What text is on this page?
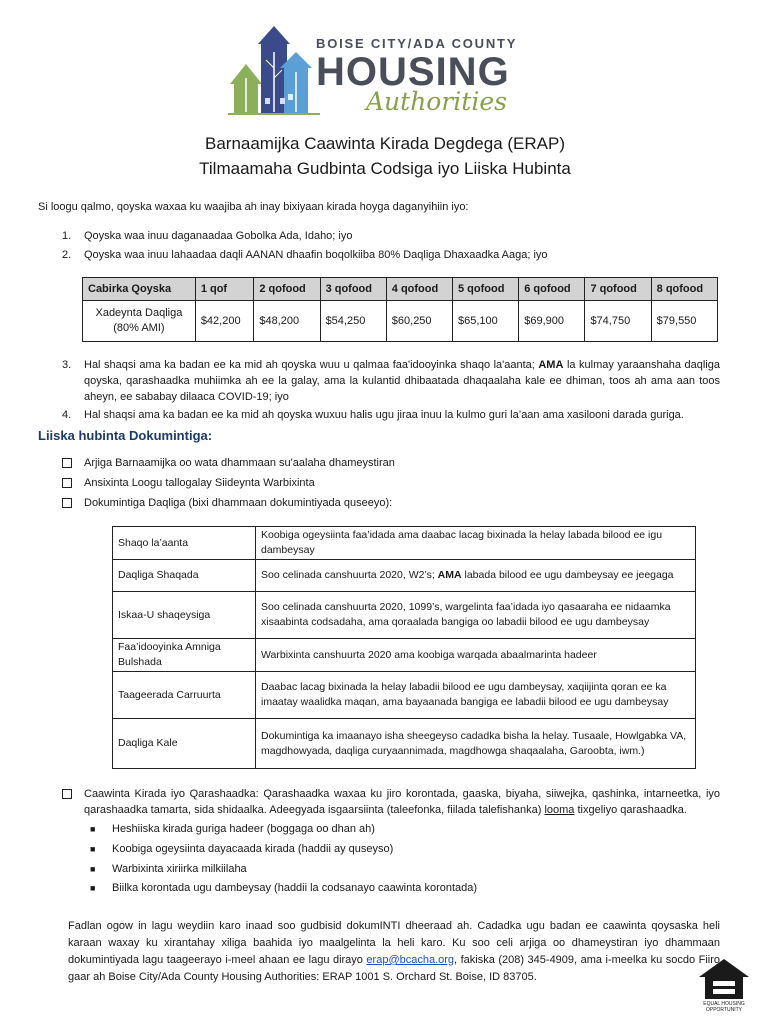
BOISE CITY/ADA COUNTY
HOUSING
Authorities
Barnaamijka Caawinta Kirada Degdega (ERAP)
Tilmaamaha Gudbinta Codsiga iyo Liiska Hubinta
Si loogu qalmo, qoyska waxaa ku waajiba ah inay bixiyaan kirada hoyga daganyihiin iyo:
1. Qoyska waa inuu daganaadaa Gobolka Ada, Idaho; iyo
2. Qoyska waa inuu lahaadaa daqli AANAN dhaafin boqolkiiba 80% Daqliga Dhaxaadka Aaga; iyo
Cabirka Qoyska	1 qof	2 qofood	3 qofood	4 qofood	5 qofood	6 qofood	7 qofood	8 qofood
Xadeynta Daqliga
(80% AMI)	$42,200	$48,200	$54,250	$60,250	$65,100	$69,900	$74,750	$79,550
3. Hal shaqsi ama ka badan ee ka mid ah qoyska wuu u qalmaa faa'idooyinka shaqo la'aanta; AMA la kulmay yaraanshaha daqliga qoyska, qarashaadka muhiimka ah ee la galay, ama la kulantid dhibaatada dhaqaalaha kale ee dhiman, toos ah ama aan toos aheyn, ee sababay dilaaca COVID-19; iyo
4. Hal shaqsi ama ka badan ee ka mid ah qoyska wuxuu halis ugu jiraa inuu la kulmo guri la’aan ama xasilooni darada guriga.
Liiska hubinta Dokumintiga:
Arjiga Barnaamijka oo wata dhammaan su'aalaha dhameystiran
Ansixinta Loogu tallogalay Siideynta Warbixinta
Dokumintiga Daqliga (bixi dhammaan dokumintiyada quseeyo):
Shaqo la’aanta	Koobiga ogeysiinta faa’idada ama daabac lacag bixinada la helay labada bilood ee igu dambeysay
Daqliga Shaqada	Soo celinada canshuurta 2020, W2’s; AMA labada bilood ee ugu dambeysay ee jeegaga
Iskaa-U shaqeysiga	Soo celinada canshuurta 2020, 1099’s, wargelinta faa’idada iyo qasaaraha ee nidaamka xisaabinta codsadaha, ama qoraalada bangiga oo labadii bilood ee ugu dambeysay
Faa’idooyinka Amniga
Bulshada	Warbixinta canshuurta 2020 ama koobiga warqada abaalmarinta hadeer
Taageerada Carruurta	Daabac lacag bixinada la helay labadii bilood ee ugu dambeysay, xaqiijinta qoran ee ka imaatay waalidka maqan, ama bayaanada bangiga ee labadii bilood ee ugu dambeysay
Daqliga Kale	Dokumintiga ka imaanayo isha sheegeyso cadadka bisha la helay. Tusaale, Howlgabka VA, magdhowyada, daqliga curyaannimada, magdhowga shaqaalaha, Garoobta, iwm.)
Caawinta Kirada iyo Qarashaadka: Qarashaadka waxaa ku jiro korontada, gaaska, biyaha, siiwejka, qashinka, intarneetka, iyo qarashaadka tamarta, sida shidaalka. Adeegyada isgaarsiinta (taleefonka, fiilada talefishanka) looma tixgeliyo qarashaadka.
■ Heshiiska kirada guriga hadeer (boggaga oo dhan ah)
■ Koobiga ogeysiinta dayacaada kirada (haddii ay quseyso)
■ Warbixinta xiriirka milkiilaha
■ Biilka korontada ugu dambeysay (haddii la codsanayo caawinta korontada)
Fadlan ogow in lagu weydiin karo inaad soo gudbisid dokumINTI dheeraad ah. Cadadka ugu badan ee caawinta qoysaska heli karaan waxay ku xirantahay xiliga baahida iyo maalgelinta la heli karo. Ku soo celi arjiga oo dhameystiran iyo dhammaan dokumintiyada lagu taageerayo i-meel ahaan ee lagu dirayo erap@bcacha.org, fakiska (208) 345-4909, ama i-meelka ku socdo Fiiro gaar ah Boise City/Ada County Housing Authorities: ERAP 1001 S. Orchard St. Boise, ID 83705.
EQUAL HOUSING OPPORTUNITY
